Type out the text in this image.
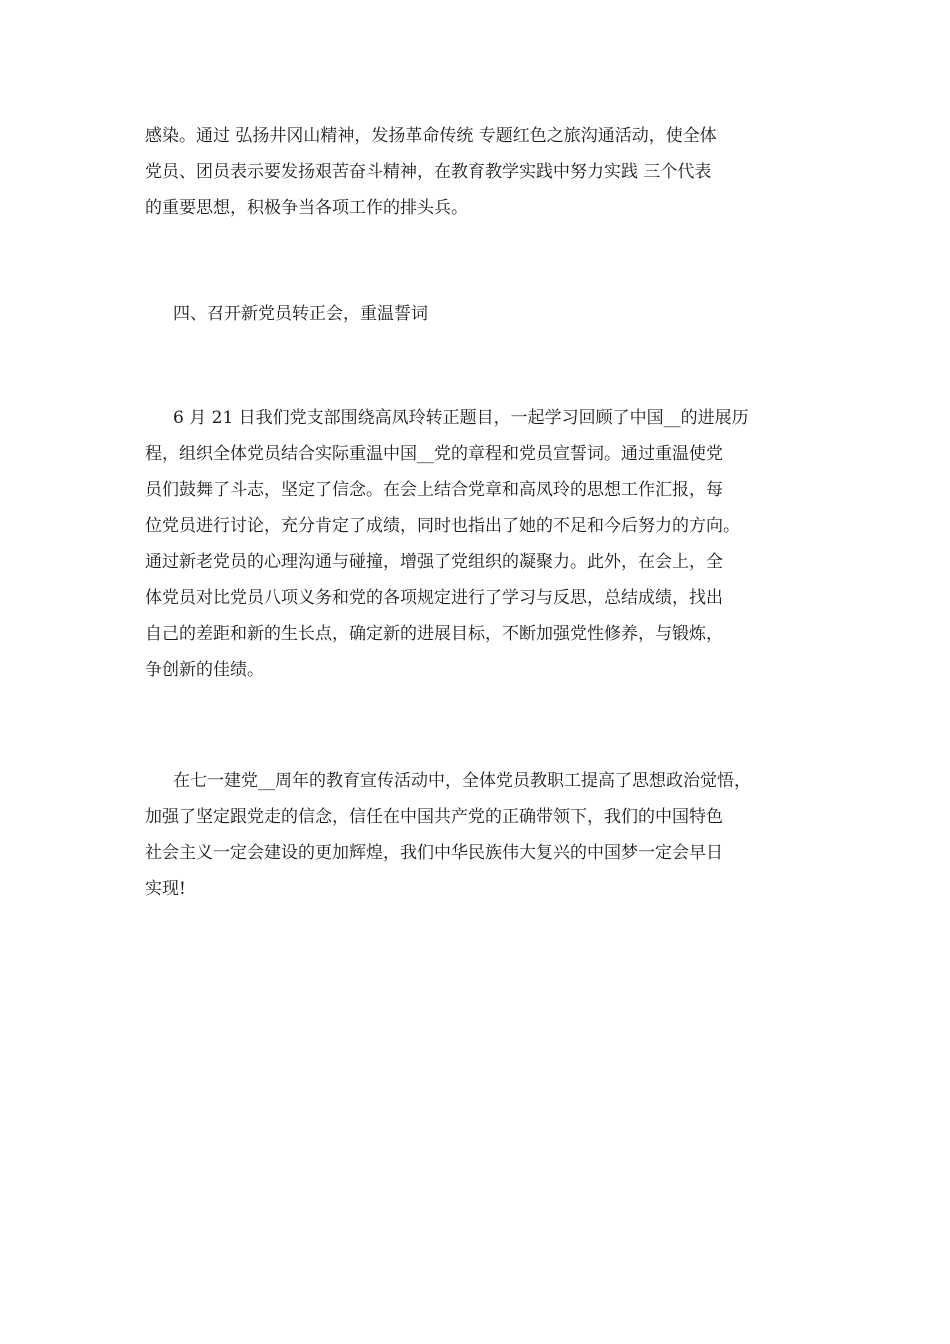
感染。通过 弘扬井冈山精神，发扬革命传统 专题红色之旅沟通活动，使全体
党员、团员表示要发扬艰苦奋斗精神，在教育教学实践中努力实践 三个代表
的重要思想，积极争当各项工作的排头兵。
四、召开新党员转正会，重温誓词
6 月 21 日我们党支部围绕高凤玲转正题目，一起学习回顾了中国__的进展历
程，组织全体党员结合实际重温中国__党的章程和党员宣誓词。通过重温使党
员们鼓舞了斗志，坚定了信念。在会上结合党章和高凤玲的思想工作汇报，每
位党员进行讨论，充分肯定了成绩，同时也指出了她的不足和今后努力的方向。
通过新老党员的心理沟通与碰撞，增强了党组织的凝聚力。此外，在会上，全
体党员对比党员八项义务和党的各项规定进行了学习与反思，总结成绩，找出
自己的差距和新的生长点，确定新的进展目标，不断加强党性修养，与锻炼，
争创新的佳绩。
在七一建党__周年的教育宣传活动中，全体党员教职工提高了思想政治觉悟，
加强了坚定跟党走的信念，信任在中国共产党的正确带领下，我们的中国特色
社会主义一定会建设的更加辉煌，我们中华民族伟大复兴的中国梦一定会早日
实现!
